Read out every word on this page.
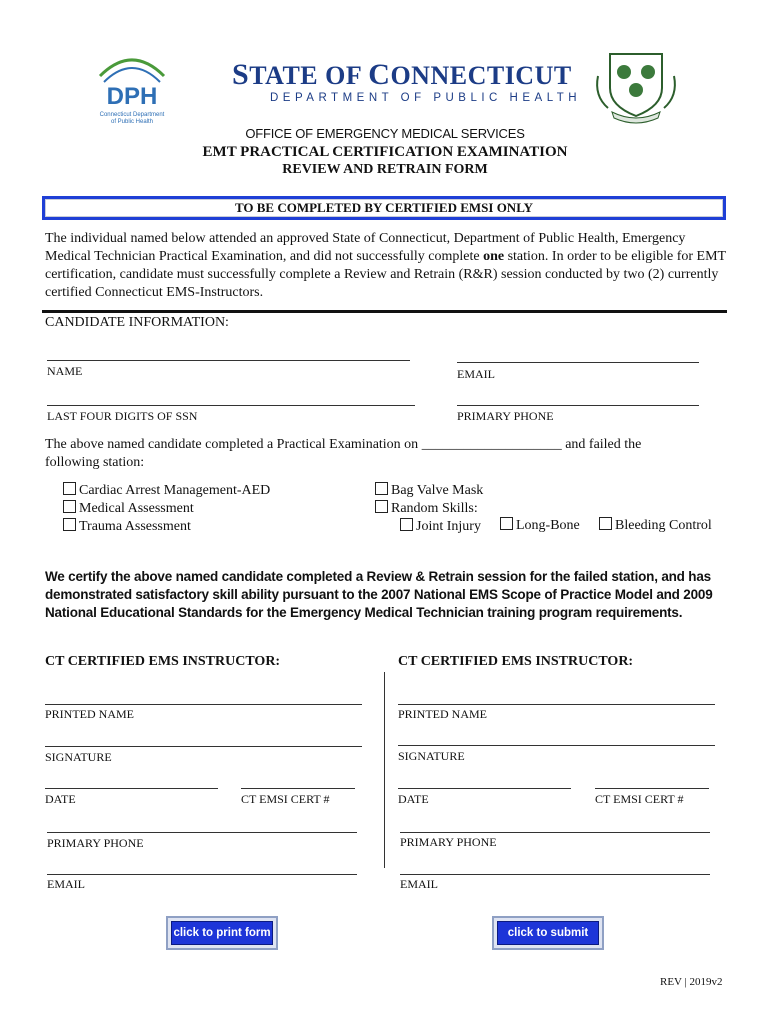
DPH
Connecticut Department
of Public Health
STATE OF CONNECTICUT
DEPARTMENT OF PUBLIC HEALTH
OFFICE OF EMERGENCY MEDICAL SERVICES
EMT PRACTICAL CERTIFICATION EXAMINATION
REVIEW AND RETRAIN FORM
TO BE COMPLETED BY CERTIFIED EMSI ONLY
The individual named below attended an approved State of Connecticut, Department of Public Health, Emergency Medical Technician Practical Examination, and did not successfully complete one station. In order to be eligible for EMT certification, candidate must successfully complete a Review and Retrain (R&R) session conducted by two (2) currently certified Connecticut EMS-Instructors.
CANDIDATE INFORMATION:
NAME	EMAIL
LAST FOUR DIGITS OF SSN	PRIMARY PHONE
The above named candidate completed a Practical Examination on ____________________ and failed the
following station:
Cardiac Arrest Management-AED
Medical Assessment
Trauma Assessment
Bag Valve Mask
Random Skills:
Joint Injury	Long-Bone	Bleeding Control
We certify the above named candidate completed a Review & Retrain session for the failed station, and has demonstrated satisfactory skill ability pursuant to the 2007 National EMS Scope of Practice Model and 2009 National Educational Standards for the Emergency Medical Technician training program requirements.
CT CERTIFIED EMS INSTRUCTOR:	CT CERTIFIED EMS INSTRUCTOR:
PRINTED NAME
SIGNATURE
DATE	CT EMSI CERT #
PRIMARY PHONE
EMAIL
PRINTED NAME
SIGNATURE
DATE	CT EMSI CERT #
PRIMARY PHONE
EMAIL
click to print form	click to submit
REV | 2019v2
